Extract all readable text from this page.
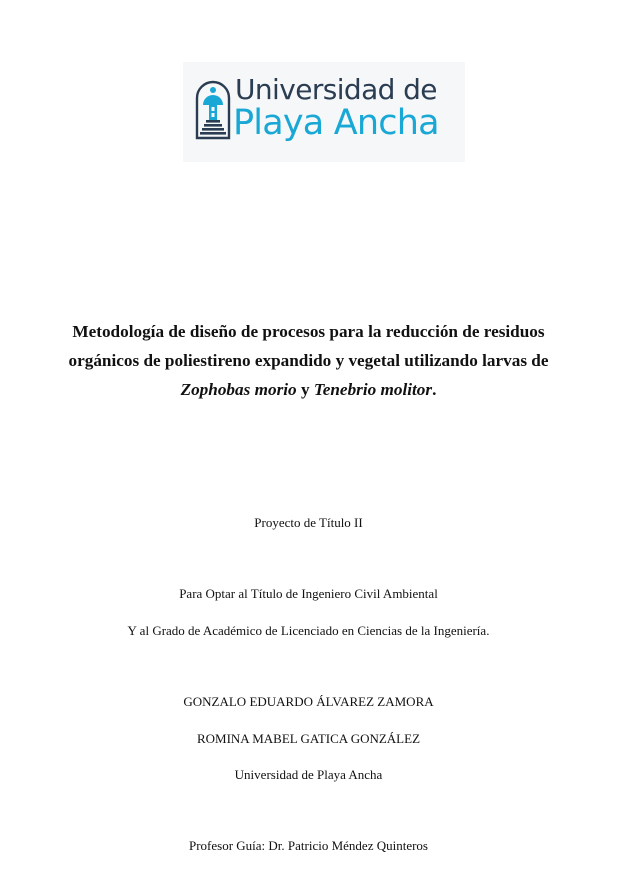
Universidad de
Playa Ancha

Metodología de diseño de procesos para la reducción de residuos orgánicos de poliestireno expandido y vegetal utilizando larvas de Zophobas morio y Tenebrio molitor.

Proyecto de Título II
Para Optar al Título de Ingeniero Civil Ambiental
Y al Grado de Académico de Licenciado en Ciencias de la Ingeniería.
GONZALO EDUARDO ÁLVAREZ ZAMORA
ROMINA MABEL GATICA GONZÁLEZ
Universidad de Playa Ancha
Profesor Guía: Dr. Patricio Méndez Quinteros
